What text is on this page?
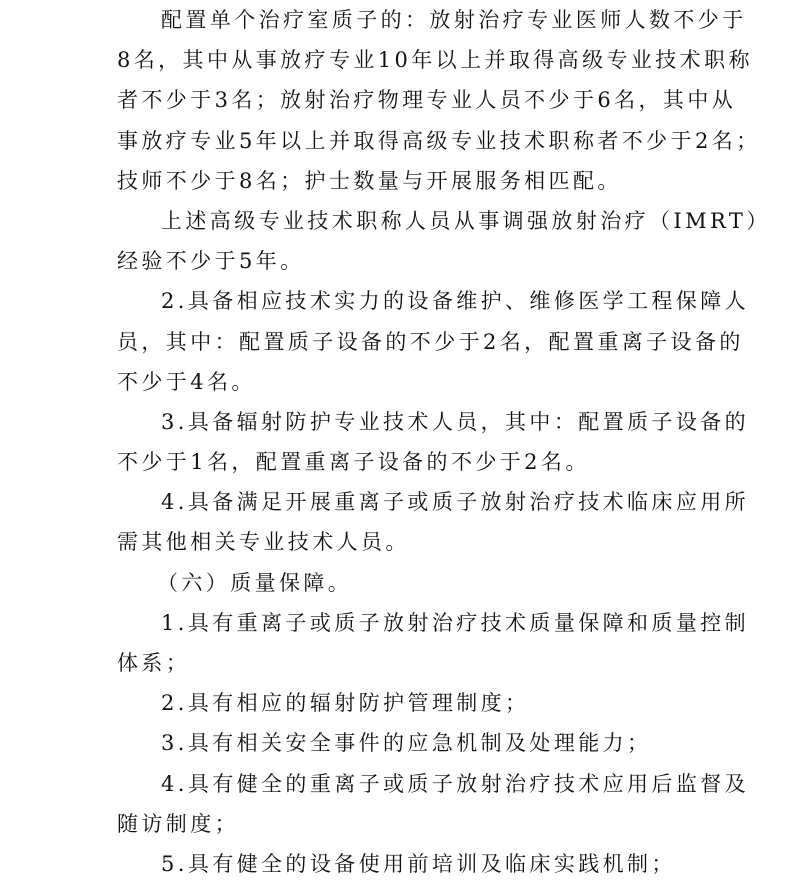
配置单个治疗室质子的：放射治疗专业医师人数不少于
8名，其中从事放疗专业10年以上并取得高级专业技术职称
者不少于3名；放射治疗物理专业人员不少于6名，其中从
事放疗专业5年以上并取得高级专业技术职称者不少于2名；
技师不少于8名；护士数量与开展服务相匹配。
上述高级专业技术职称人员从事调强放射治疗（IMRT）
经验不少于5年。
2.具备相应技术实力的设备维护、维修医学工程保障人
员，其中：配置质子设备的不少于2名，配置重离子设备的
不少于4名。
3.具备辐射防护专业技术人员，其中：配置质子设备的
不少于1名，配置重离子设备的不少于2名。
4.具备满足开展重离子或质子放射治疗技术临床应用所
需其他相关专业技术人员。
（六）质量保障。
1.具有重离子或质子放射治疗技术质量保障和质量控制
体系；
2.具有相应的辐射防护管理制度；
3.具有相关安全事件的应急机制及处理能力；
4.具有健全的重离子或质子放射治疗技术应用后监督及
随访制度；
5.具有健全的设备使用前培训及临床实践机制；
